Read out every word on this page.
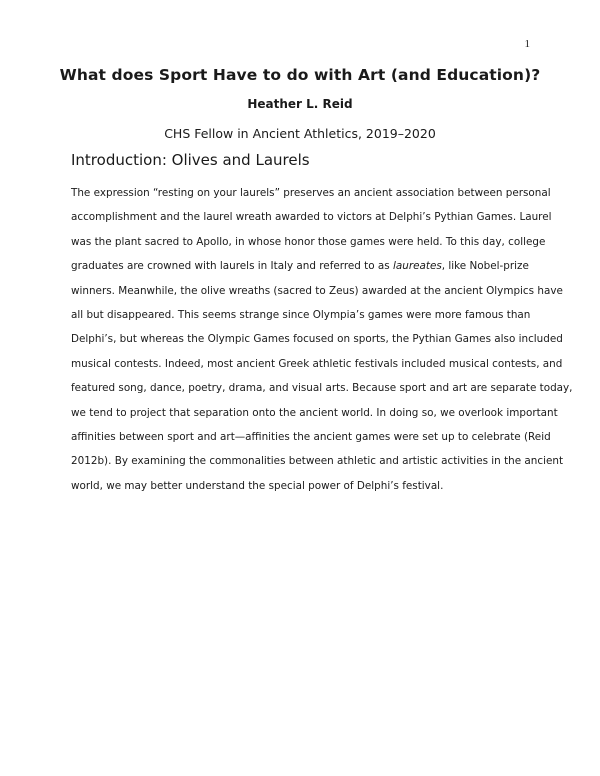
1
What does Sport Have to do with Art (and Education)?
Heather L. Reid
CHS Fellow in Ancient Athletics, 2019–2020
Introduction: Olives and Laurels

The expression “resting on your laurels” preserves an ancient association between personal
accomplishment and the laurel wreath awarded to victors at Delphi’s Pythian Games. Laurel
was the plant sacred to Apollo, in whose honor those games were held. To this day, college
graduates are crowned with laurels in Italy and referred to as laureates, like Nobel-prize
winners. Meanwhile, the olive wreaths (sacred to Zeus) awarded at the ancient Olympics have
all but disappeared. This seems strange since Olympia’s games were more famous than
Delphi’s, but whereas the Olympic Games focused on sports, the Pythian Games also included
musical contests. Indeed, most ancient Greek athletic festivals included musical contests, and
featured song, dance, poetry, drama, and visual arts. Because sport and art are separate today,
we tend to project that separation onto the ancient world. In doing so, we overlook important
affinities between sport and art—affinities the ancient games were set up to celebrate (Reid
2012b). By examining the commonalities between athletic and artistic activities in the ancient
world, we may better understand the special power of Delphi’s festival.
